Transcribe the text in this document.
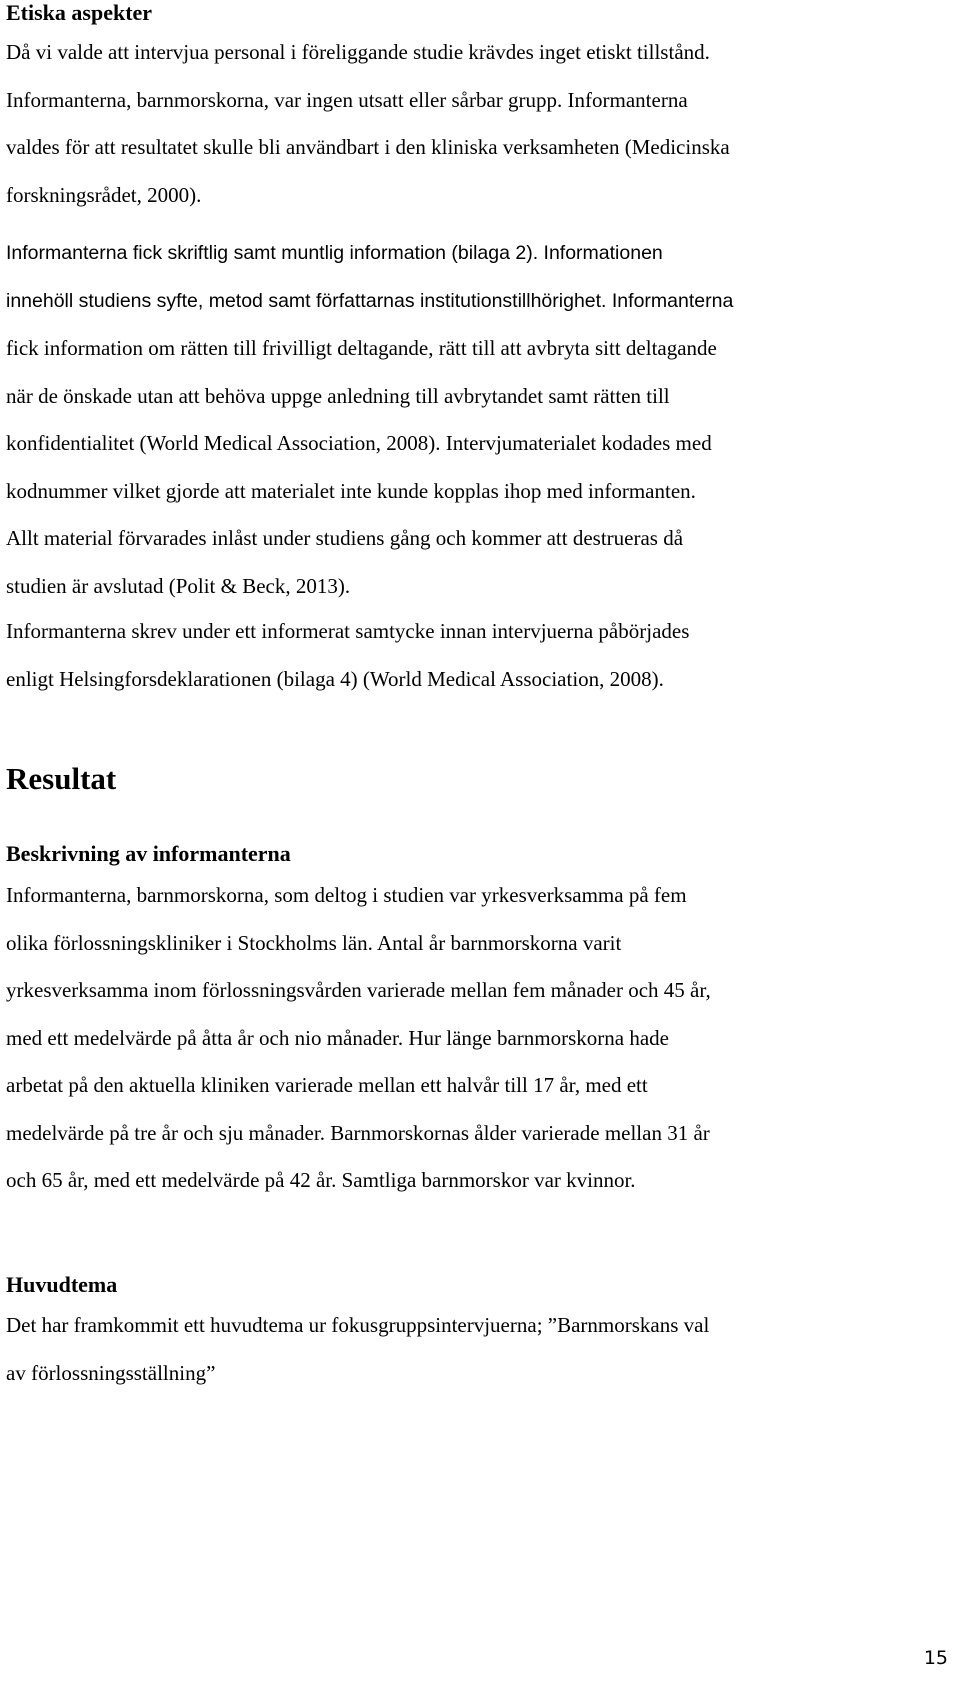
Etiska aspekter
Då vi valde att intervjua personal i föreliggande studie krävdes inget etiskt tillstånd.
Informanterna, barnmorskorna, var ingen utsatt eller sårbar grupp. Informanterna
valdes för att resultatet skulle bli användbart i den kliniska verksamheten (Medicinska
forskningsrådet, 2000).
Informanterna fick skriftlig samt muntlig information (bilaga 2). Informationen
innehöll studiens syfte, metod samt författarnas institutionstillhörighet. Informanterna
fick information om rätten till frivilligt deltagande, rätt till att avbryta sitt deltagande
när de önskade utan att behöva uppge anledning till avbrytandet samt rätten till
konfidentialitet (World Medical Association, 2008). Intervjumaterialet kodades med
kodnummer vilket gjorde att materialet inte kunde kopplas ihop med informanten.
Allt material förvarades inlåst under studiens gång och kommer att destrueras då
studien är avslutad (Polit & Beck, 2013).
Informanterna skrev under ett informerat samtycke innan intervjuerna påbörjades
enligt Helsingforsdeklarationen (bilaga 4) (World Medical Association, 2008).
Resultat
Beskrivning av informanterna
Informanterna, barnmorskorna, som deltog i studien var yrkesverksamma på fem
olika förlossningskliniker i Stockholms län. Antal år barnmorskorna varit
yrkesverksamma inom förlossningsvården varierade mellan fem månader och 45 år,
med ett medelvärde på åtta år och nio månader. Hur länge barnmorskorna hade
arbetat på den aktuella kliniken varierade mellan ett halvår till 17 år, med ett
medelvärde på tre år och sju månader. Barnmorskornas ålder varierade mellan 31 år
och 65 år, med ett medelvärde på 42 år. Samtliga barnmorskor var kvinnor.
Huvudtema
Det har framkommit ett huvudtema ur fokusgruppsintervjuerna; ”Barnmorskans val
av förlossningsställning”
15
